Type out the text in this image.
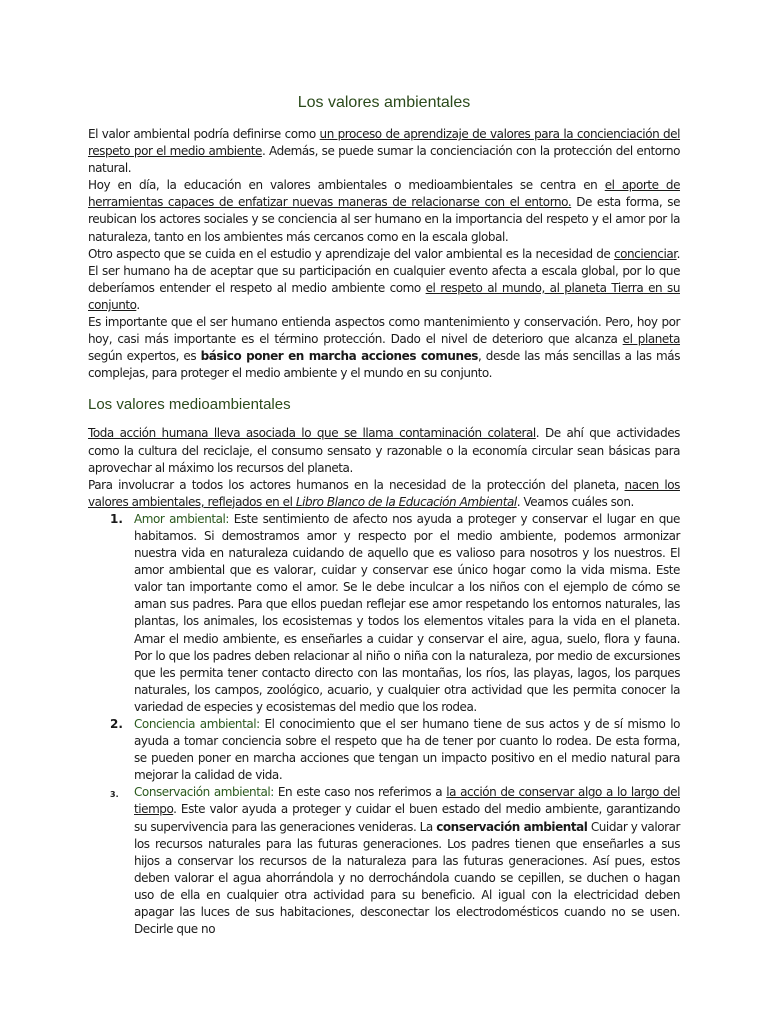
Los valores ambientales

El valor ambiental podría definirse como un proceso de aprendizaje de valores para la concienciación del respeto por el medio ambiente. Además, se puede sumar la concienciación con la protección del entorno natural.

Hoy en día, la educación en valores ambientales o medioambientales se centra en el aporte de herramientas capaces de enfatizar nuevas maneras de relacionarse con el entorno. De esta forma, se reubican los actores sociales y se conciencia al ser humano en la importancia del respeto y el amor por la naturaleza, tanto en los ambientes más cercanos como en la escala global.

Otro aspecto que se cuida en el estudio y aprendizaje del valor ambiental es la necesidad de concienciar. El ser humano ha de aceptar que su participación en cualquier evento afecta a escala global, por lo que deberíamos entender el respeto al medio ambiente como el respeto al mundo, al planeta Tierra en su conjunto.

Es importante que el ser humano entienda aspectos como mantenimiento y conservación. Pero, hoy por hoy, casi más importante es el término protección. Dado el nivel de deterioro que alcanza el planeta según expertos, es básico poner en marcha acciones comunes, desde las más sencillas a las más complejas, para proteger el medio ambiente y el mundo en su conjunto.

Los valores medioambientales

Toda acción humana lleva asociada lo que se llama contaminación colateral. De ahí que actividades como la cultura del reciclaje, el consumo sensato y razonable o la economía circular sean básicas para aprovechar al máximo los recursos del planeta.

Para involucrar a todos los actores humanos en la necesidad de la protección del planeta, nacen los valores ambientales, reflejados en el Libro Blanco de la Educación Ambiental. Veamos cuáles son.

1. Amor ambiental: Este sentimiento de afecto nos ayuda a proteger y conservar el lugar en que habitamos. Si demostramos amor y respecto por el medio ambiente, podemos armonizar nuestra vida en naturaleza cuidando de aquello que es valioso para nosotros y los nuestros. El amor ambiental que es valorar, cuidar y conservar ese único hogar como la vida misma. Este valor tan importante como el amor. Se le debe inculcar a los niños con el ejemplo de cómo se aman sus padres. Para que ellos puedan reflejar ese amor respetando los entornos naturales, las plantas, los animales, los ecosistemas y todos los elementos vitales para la vida en el planeta. Amar el medio ambiente, es enseñarles a cuidar y conservar el aire, agua, suelo, flora y fauna. Por lo que los padres deben relacionar al niño o niña con la naturaleza, por medio de excursiones que les permita tener contacto directo con las montañas, los ríos, las playas, lagos, los parques naturales, los campos, zoológico, acuario, y cualquier otra actividad que les permita conocer la variedad de especies y ecosistemas del medio que los rodea.

2. Conciencia ambiental: El conocimiento que el ser humano tiene de sus actos y de sí mismo lo ayuda a tomar conciencia sobre el respeto que ha de tener por cuanto lo rodea. De esta forma, se pueden poner en marcha acciones que tengan un impacto positivo en el medio natural para mejorar la calidad de vida.

3. Conservación ambiental: En este caso nos referimos a la acción de conservar algo a lo largo del tiempo. Este valor ayuda a proteger y cuidar el buen estado del medio ambiente, garantizando su supervivencia para las generaciones venideras. La conservación ambiental Cuidar y valorar los recursos naturales para las futuras generaciones. Los padres tienen que enseñarles a sus hijos a conservar los recursos de la naturaleza para las futuras generaciones. Así pues, estos deben valorar el agua ahorrándola y no derrochándola cuando se cepillen, se duchen o hagan uso de ella en cualquier otra actividad para su beneficio. Al igual con la electricidad deben apagar las luces de sus habitaciones, desconectar los electrodomésticos cuando no se usen. Decirle que no
